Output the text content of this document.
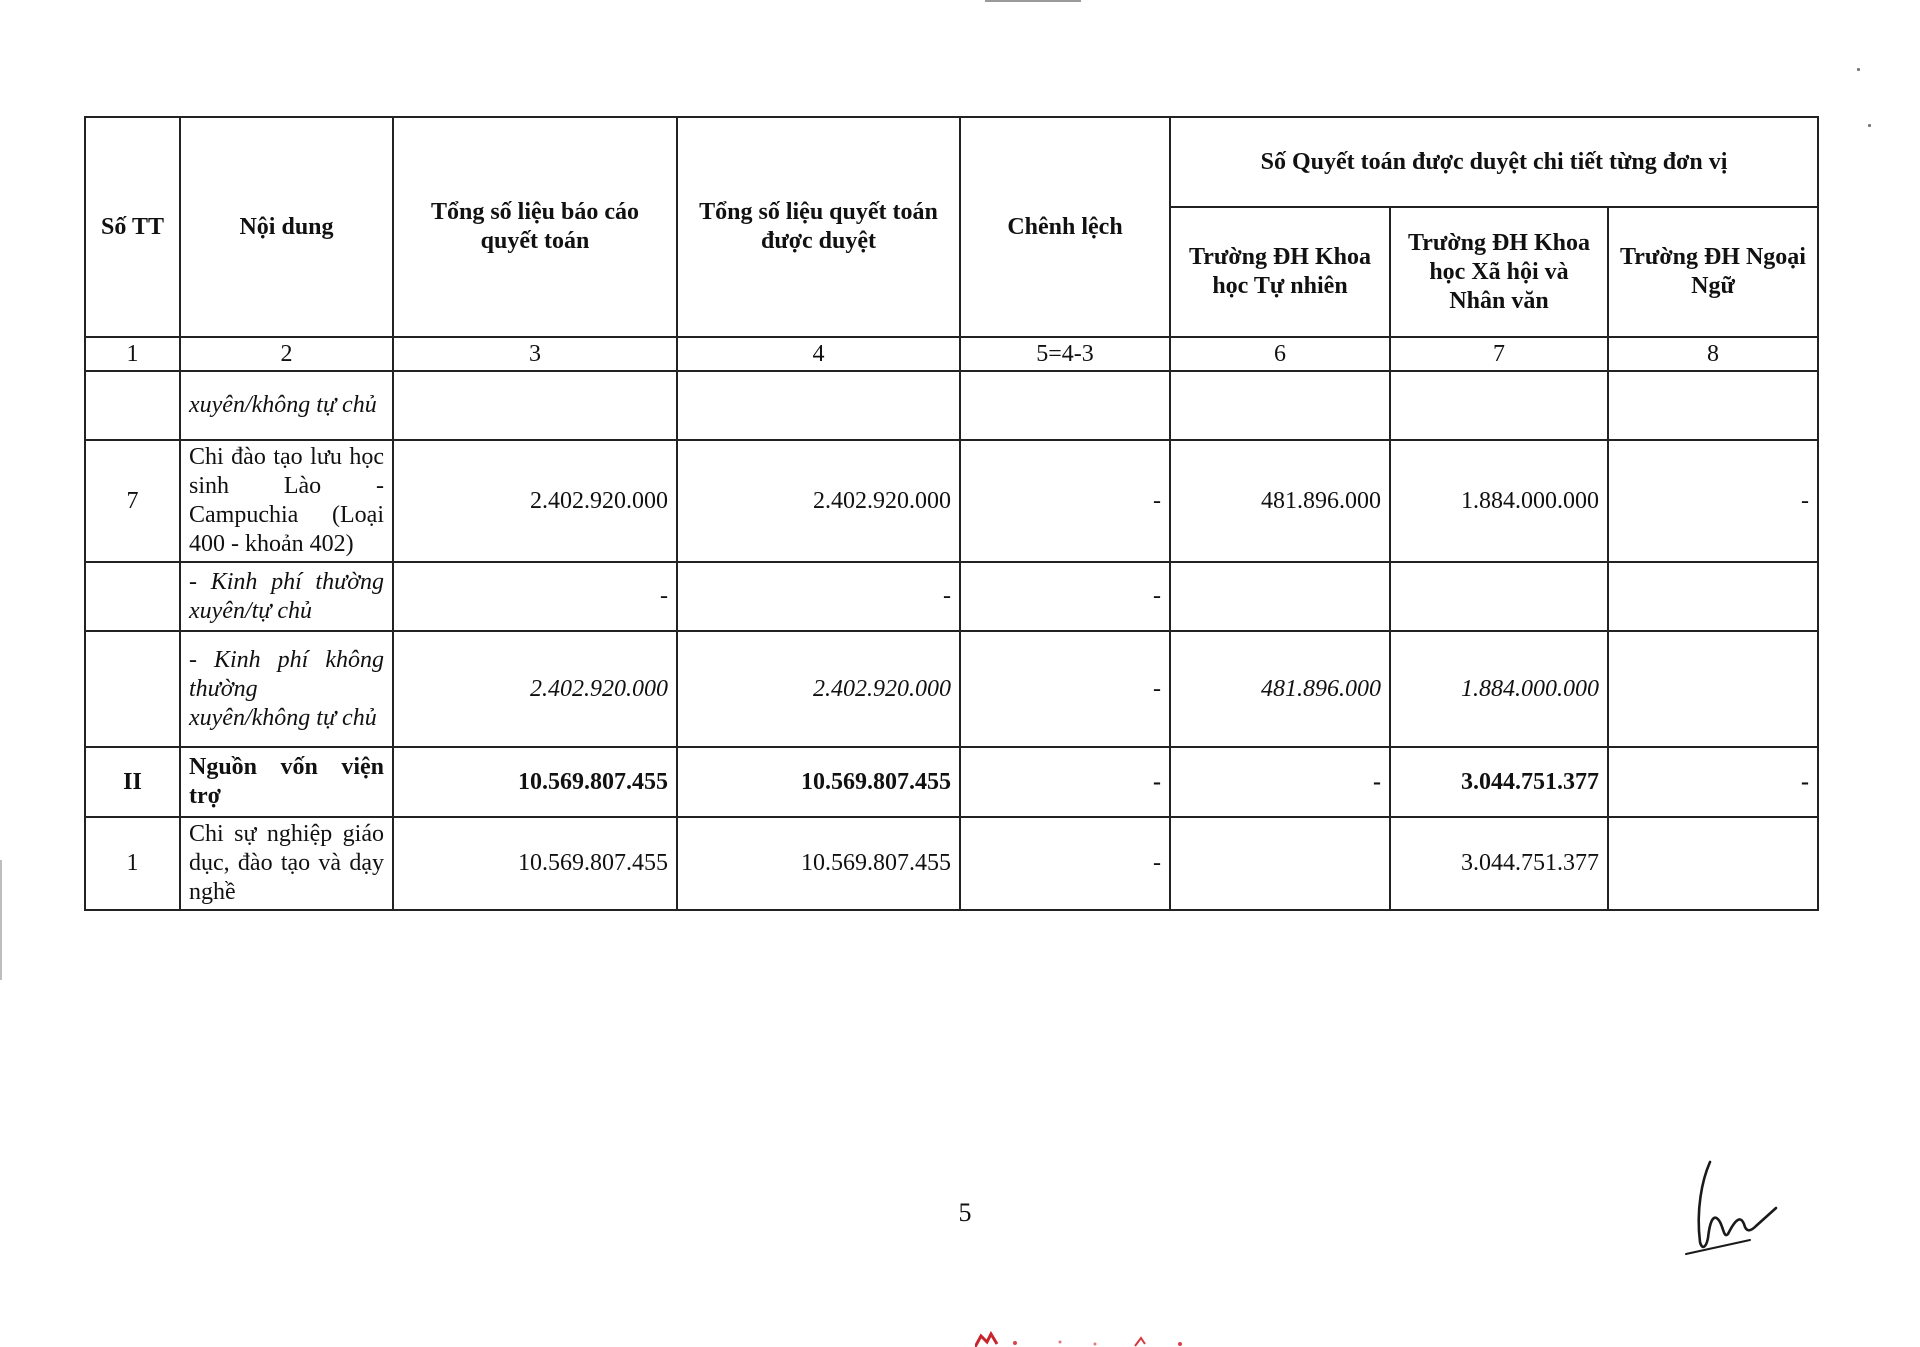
Số TT	Nội dung	Tổng số liệu báo cáo quyết toán	Tổng số liệu quyết toán được duyệt	Chênh lệch	Số Quyết toán được duyệt chi tiết từng đơn vị		
					Trường ĐH Khoa học Tự nhiên	Trường ĐH Khoa học Xã hội và Nhân văn	Trường ĐH Ngoại Ngữ
1	2	3	4	5=4-3	6	7	8
	xuyên/không tự chủ						
7	Chi đào tạo lưu học sinh Lào - Campuchia (Loại 400 - khoản 402)	2.402.920.000	2.402.920.000	-	481.896.000	1.884.000.000	-
	- Kinh phí thường xuyên/tự chủ	-	-	-			
	- Kinh phí không thường xuyên/không tự chủ	2.402.920.000	2.402.920.000	-	481.896.000	1.884.000.000	
II	Nguồn vốn viện trợ	10.569.807.455	10.569.807.455	-	-	3.044.751.377	-
1	Chi sự nghiệp giáo dục, đào tạo và dạy nghề	10.569.807.455	10.569.807.455	-		3.044.751.377	
5
